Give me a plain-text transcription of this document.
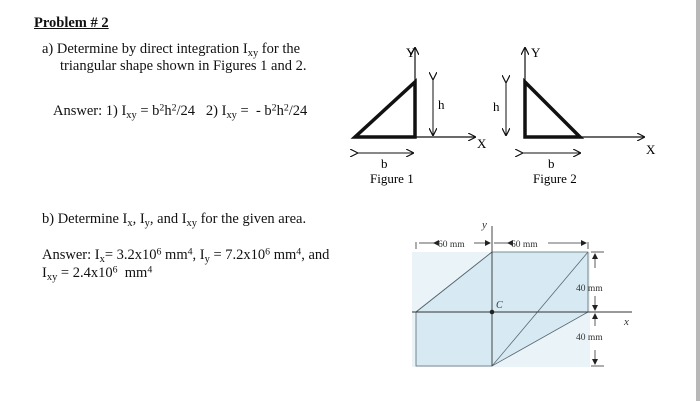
Problem # 2
a) Determine by direct integration $I_{xy}$ for the
triangular shape shown in Figures 1 and 2.
Answer: 1) $I_{xy} = b^2h^2/24$   2) $I_{xy}$ =  - $b^2h^2/24$
Y
X
h
b
Figure 1
Y
X
h
b
Figure 2
b) Determine $I_x$, $I_y$, and $I_{xy}$ for the given area.
Answer: $I_x= 3.2x10^6$ $mm^4$, $I_y = 7.2x10^6$ $mm^4$, and
$I_{xy} = 2.4x10^6$  $mm^4$
60 mm	60 mm
40 mm
40 mm
y
x
C
